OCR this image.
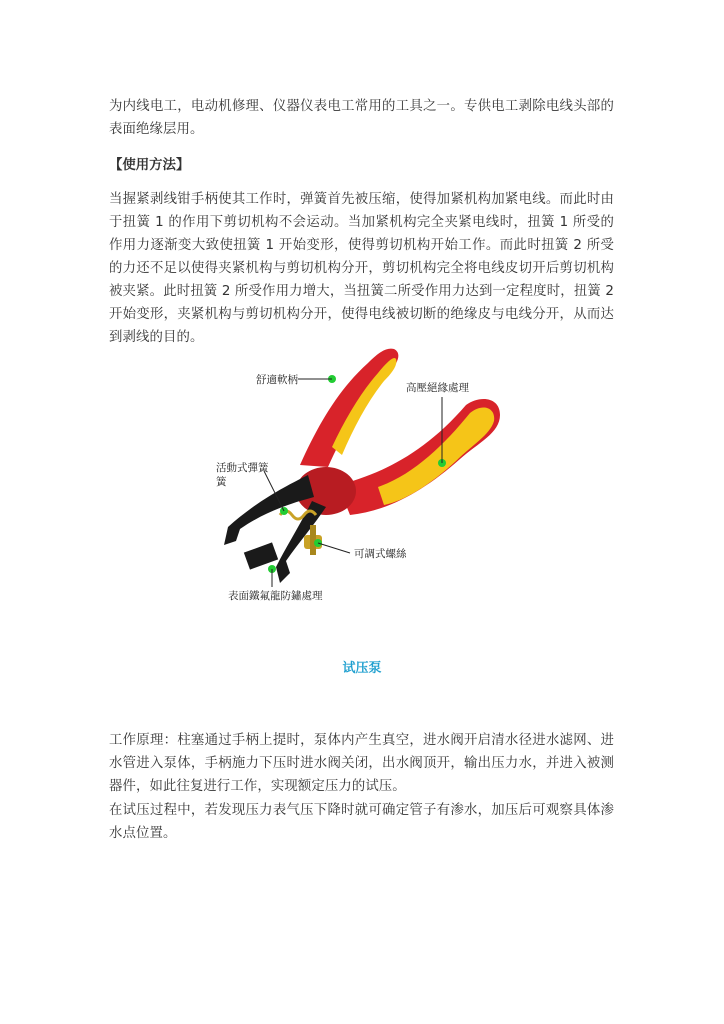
为内线电工，电动机修理、仪器仪表电工常用的工具之一。专供电工剥除电线头部的表面绝缘层用。

【使用方法】

当握紧剥线钳手柄使其工作时，弹簧首先被压缩，使得加紧机构加紧电线。而此时由于扭簧 1 的作用下剪切机构不会运动。当加紧机构完全夹紧电线时，扭簧 1 所受的作用力逐渐变大致使扭簧 1 开始变形，使得剪切机构开始工作。而此时扭簧 2 所受的力还不足以使得夹紧机构与剪切机构分开，剪切机构完全将电线皮切开后剪切机构被夹紧。此时扭簧 2 所受作用力增大，当扭簧二所受作用力达到一定程度时，扭簧 2 开始变形，夹紧机构与剪切机构分开，使得电线被切断的绝缘皮与电线分开，从而达到剥线的目的。

舒適軟柄
高壓絕緣處理
活動式彈簧
簧
可調式螺絲
表面鐵氟龍防鏽處理

试压泵

工作原理：柱塞通过手柄上提时，泵体内产生真空，进水阀开启清水径进水滤网、进水管进入泵体，手柄施力下压时进水阀关闭，出水阀顶开，输出压力水，并进入被测器件，如此往复进行工作，实现额定压力的试压。

在试压过程中，若发现压力表气压下降时就可确定管子有渗水，加压后可观察具体渗水点位置。
